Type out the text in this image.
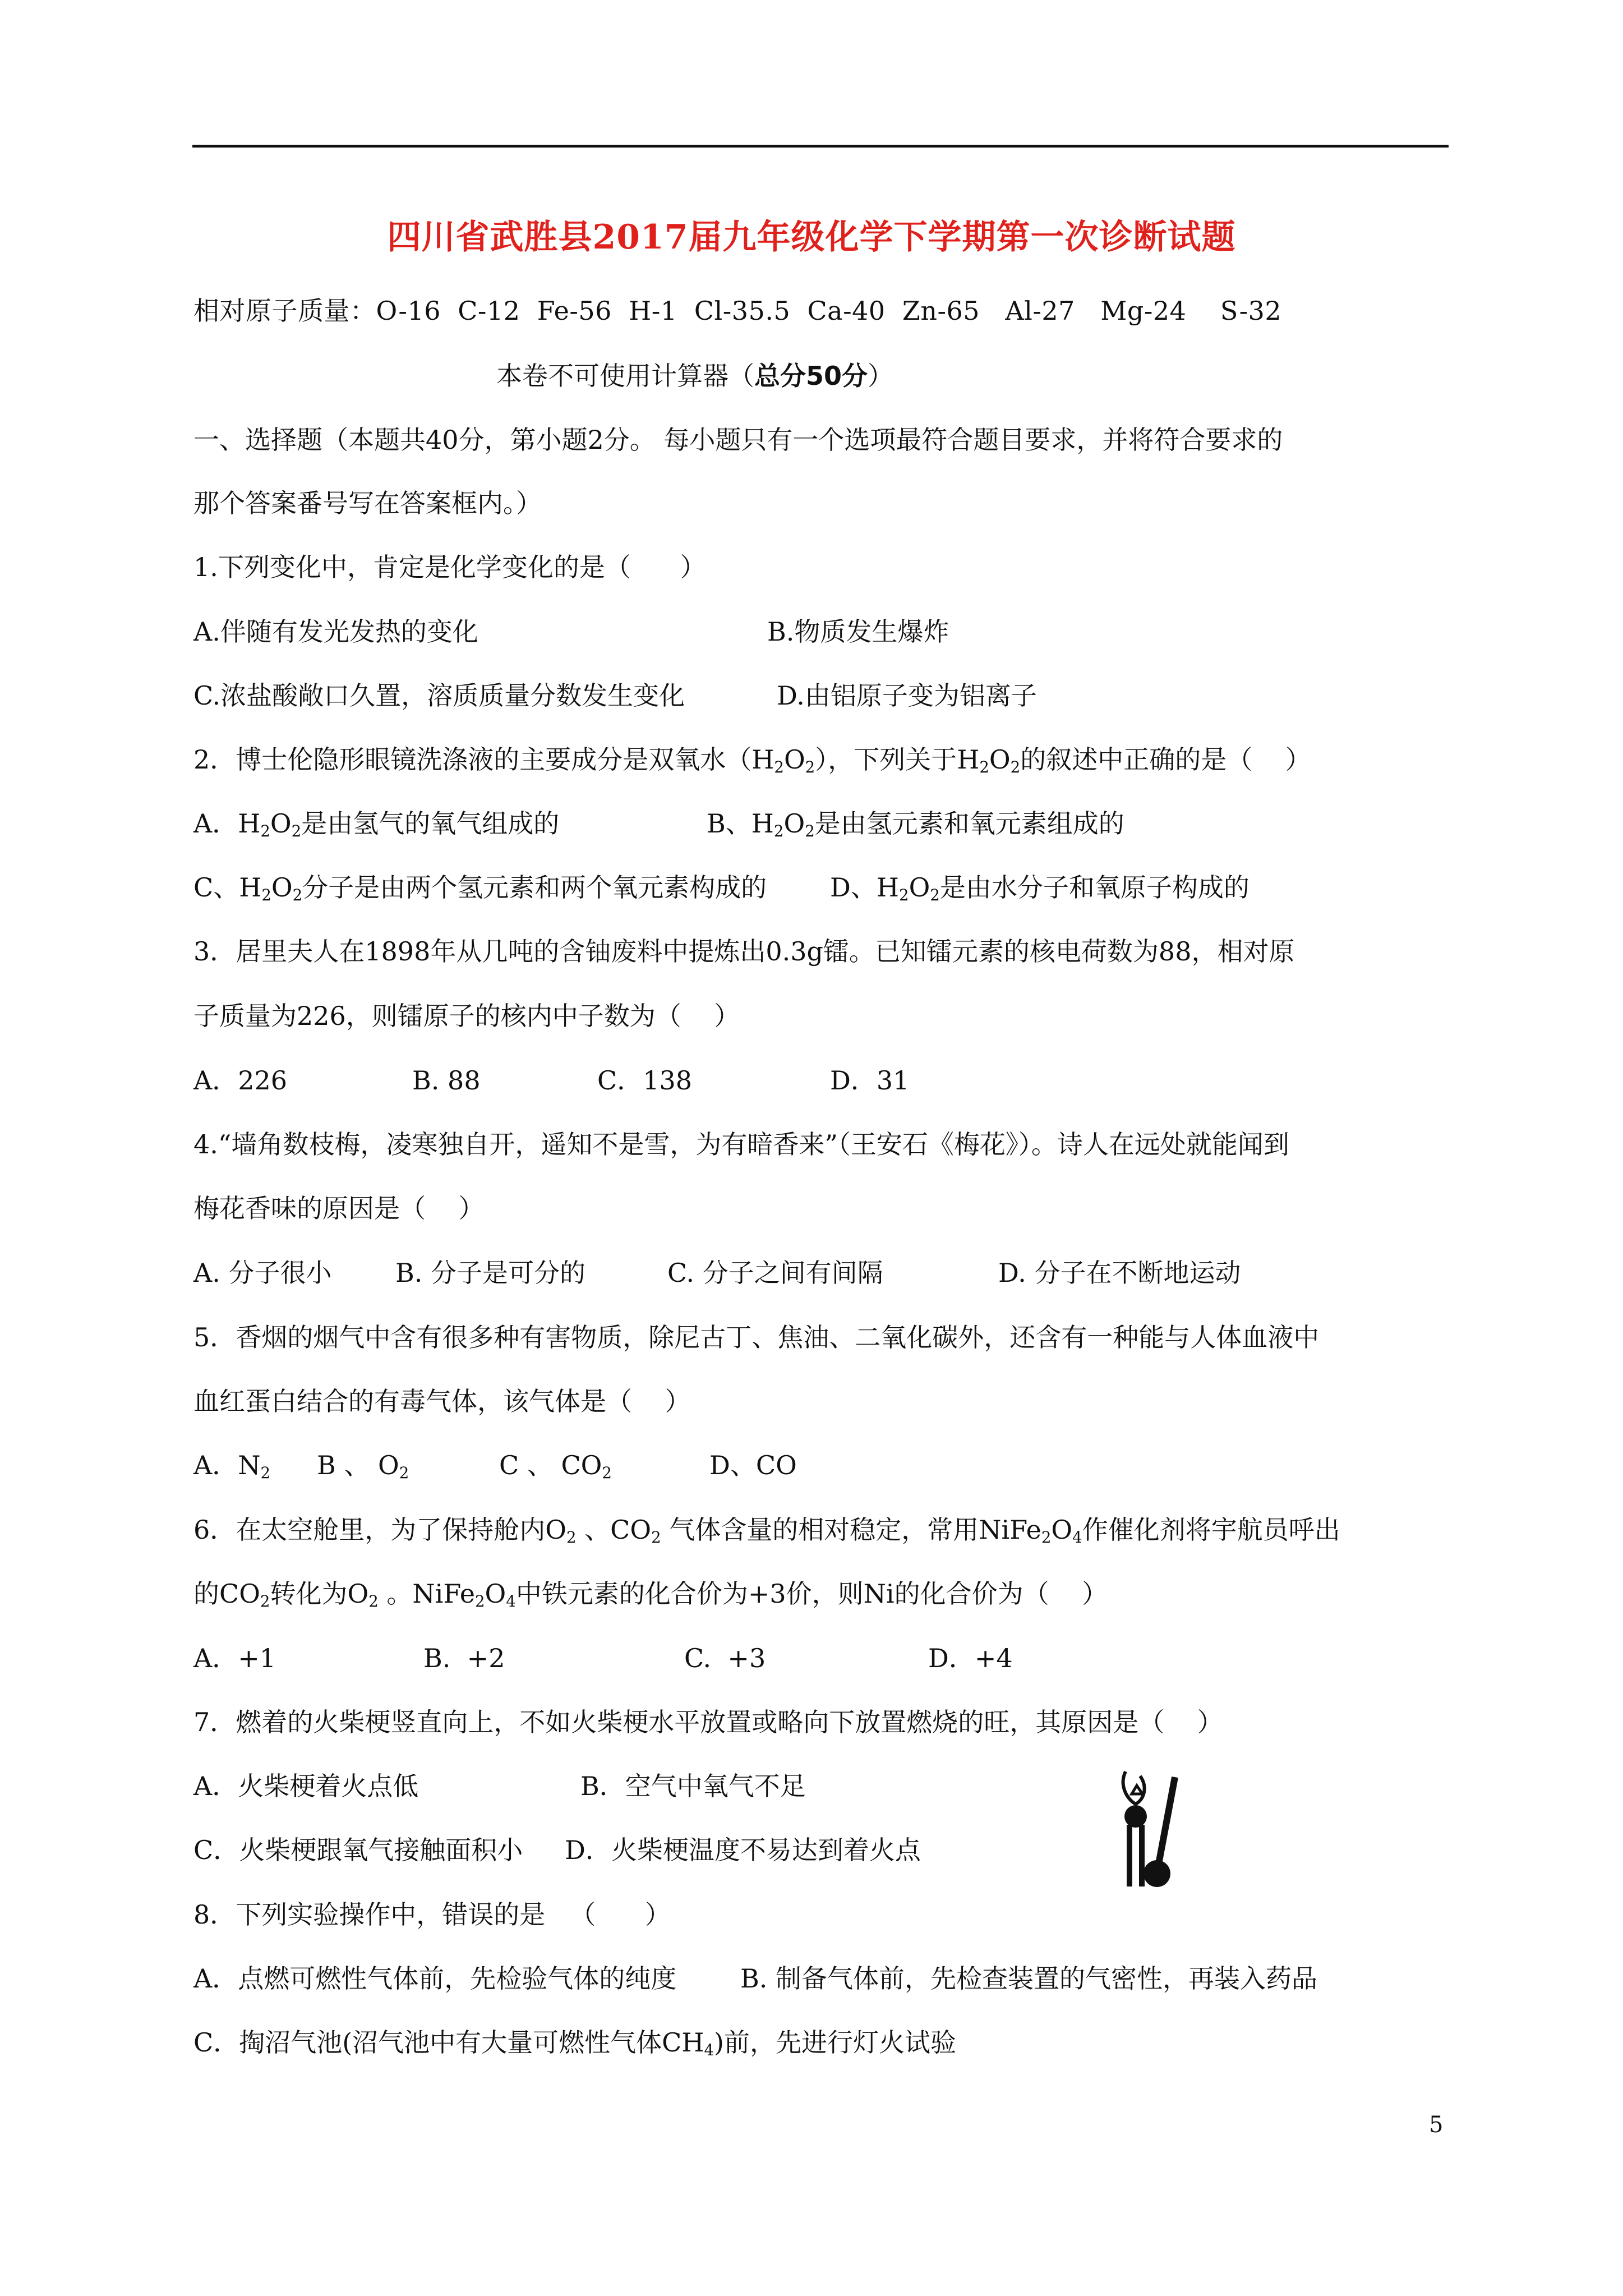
四川省武胜县2017届九年级化学下学期第一次诊断试题
相对原子质量：O-16  C-12  Fe-56  H-1  Cl-35.5  Ca-40  Zn-65   Al-27   Mg-24    S-32
本卷不可使用计算器（总分50分）
一、选择题（本题共40分，第小题2分。 每小题只有一个选项最符合题目要求，并将符合要求的
那个答案番号写在答案框内。）
1.下列变化中，肯定是化学变化的是（      ）
A.伴随有发光发热的变化	B.物质发生爆炸
C.浓盐酸敞口久置，溶质质量分数发生变化	D.由铝原子变为铝离子
2．博士伦隐形眼镜洗涤液的主要成分是双氧水$(H_2O_2)$，下列关于$H_2O_2$的叙述中正确的是（    ）
A．$H_2O_2$是由氢气的氧气组成的	B、$H_2O_2$是由氢元素和氧元素组成的
C、$H_2O_2$分子是由两个氢元素和两个氧元素构成的 D、$H_2O_2$是由水分子和氧原子构成的
3．居里夫人在1898年从几吨的含铀废料中提炼出0.3g镭。已知镭元素的核电荷数为88，相对原
子质量为226，则镭原子的核内中子数为（    ）
A．226	B. 88	C．138	D．31
4.“墙角数枝梅，凌寒独自开，遥知不是雪，为有暗香来”（王安石《梅花》）。诗人在远处就能闻到
梅花香味的原因是（    ）
A. 分子很小 B. 分子是可分的	C. 分子之间有间隔	D. 分子在不断地运动
5．香烟的烟气中含有很多种有害物质，除尼古丁、焦油、二氧化碳外，还含有一种能与人体血液中
血红蛋白结合的有毒气体，该气体是（    ）
A．$N_2$ B 、 $O_2$	C 、 $CO_2$	D、CO
6．在太空舱里，为了保持舱内$O_2$ 、$CO_2$ 气体含量的相对稳定，常用$NiFe_2O_4$作催化剂将宇航员呼出
的$CO_2$转化为$O_2$ 。$NiFe_2O_4$中铁元素的化合价为+3价，则Ni的化合价为（    ）
A．+1	B.  +2	C.  +3	D．+4
7．燃着的火柴梗竖直向上，不如火柴梗水平放置或略向下放置燃烧的旺，其原因是（    ）
A．火柴梗着火点低	B．空气中氧气不足
C．火柴梗跟氧气接触面积小 D．火柴梗温度不易达到着火点
8．下列实验操作中，错误的是   （      ）
A．点燃可燃性气体前，先检验气体的纯度 B. 制备气体前，先检查装置的气密性，再装入药品
C．掏沼气池(沼气池中有大量可燃性气体$CH_4$)前，先进行灯火试验
5
